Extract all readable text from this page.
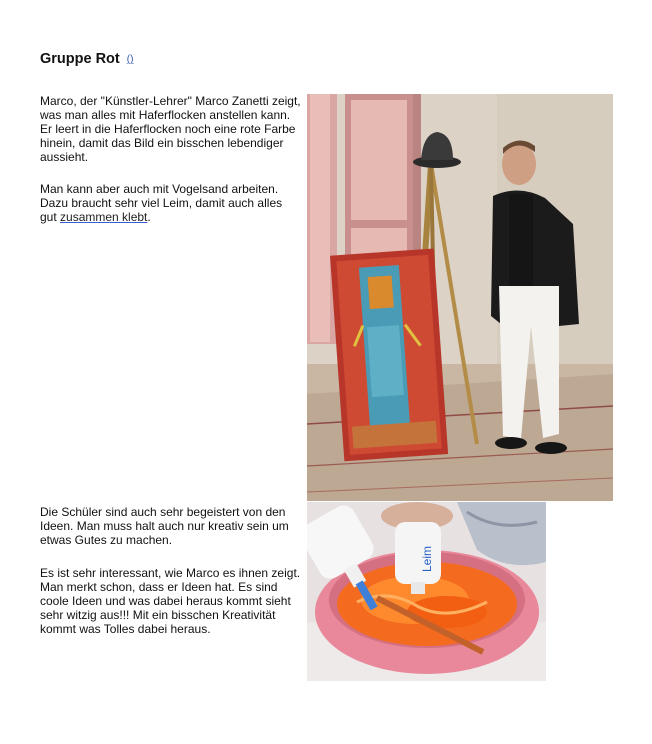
Gruppe Rot ()

Marco, der "Künstler-Lehrer" Marco Zanetti zeigt, was man alles mit Haferflocken anstellen kann. Er leert in die Haferflocken noch eine rote Farbe hinein, damit das Bild ein bisschen lebendiger aussieht.

Man kann aber auch mit Vogelsand arbeiten. Dazu braucht sehr viel Leim, damit auch alles gut zusammen klebt.

Die Schüler sind auch sehr begeistert von den Ideen. Man muss halt auch nur kreativ sein um etwas Gutes zu machen.

Es ist sehr interessant, wie Marco es ihnen zeigt. Man merkt schon, dass er Ideen hat. Es sind coole Ideen und was dabei heraus kommt sieht sehr witzig aus!!! Mit ein bisschen Kreativität kommt was Tolles dabei heraus.

Leim
